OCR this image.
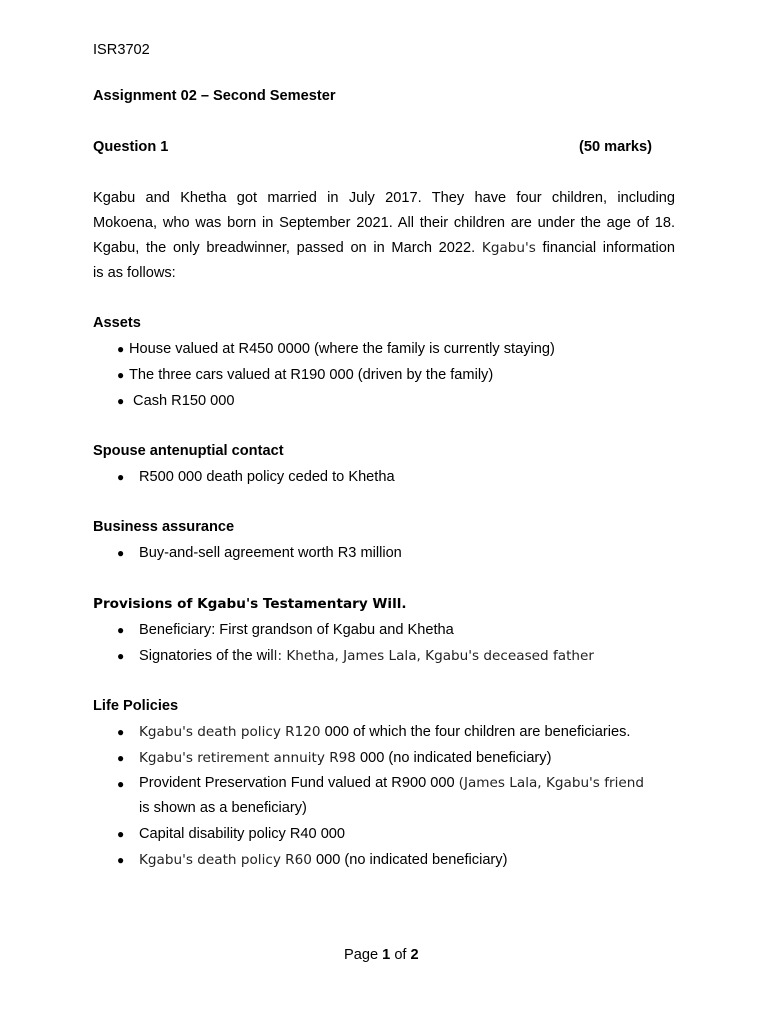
ISR3702
Assignment 02 – Second Semester
Question 1	(50 marks)
Kgabu and Khetha got married in July 2017. They have four children, including
Mokoena, who was born in September 2021. All their children are under the age of 18.
Kgabu, the only breadwinner, passed on in March 2022. Kgabu's financial information
is as follows:
Assets
● House valued at R450 0000 (where the family is currently staying)
● The three cars valued at R190 000 (driven by the family)
● Cash R150 000
Spouse antenuptial contact
● R500 000 death policy ceded to Khetha
Business assurance
● Buy-and-sell agreement worth R3 million
Provisions of Kgabu's Testamentary Will.
● Beneficiary: First grandson of Kgabu and Khetha
● Signatories of the will: Khetha, James Lala, Kgabu's deceased father
Life Policies
● Kgabu's death policy R120 000 of which the four children are beneficiaries.
● Kgabu's retirement annuity R98 000 (no indicated beneficiary)
● Provident Preservation Fund valued at R900 000 (James Lala, Kgabu's friend
is shown as a beneficiary)
● Capital disability policy R40 000
● Kgabu's death policy R60 000 (no indicated beneficiary)
Page 1 of 2
